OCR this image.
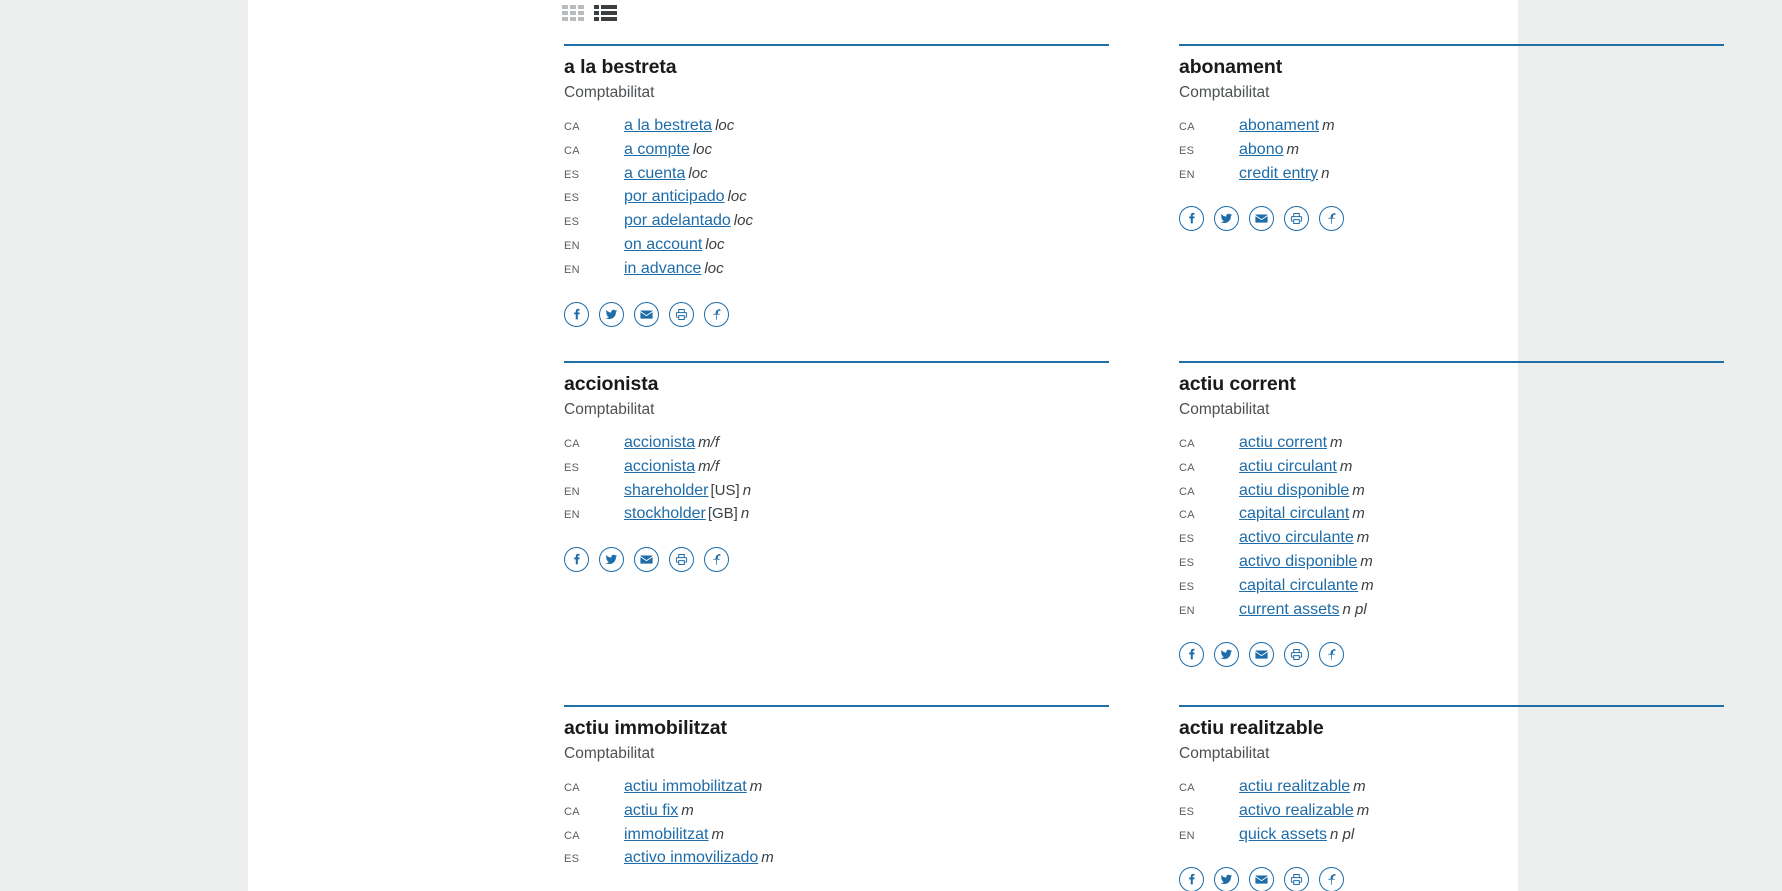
a la bestreta
Comptabilitat
CA	a la bestreta loc
CA	a compte loc
ES	a cuenta loc
ES	por anticipado loc
ES	por adelantado loc
EN	on account loc
EN	in advance loc
abonament
Comptabilitat
CA	abonament m
ES	abono m
EN	credit entry n
accionista
Comptabilitat
CA	accionista m/f
ES	accionista m/f
EN	shareholder [US] n
EN	stockholder [GB] n
actiu corrent
Comptabilitat
CA	actiu corrent m
CA	actiu circulant m
CA	actiu disponible m
CA	capital circulant m
ES	activo circulante m
ES	activo disponible m
ES	capital circulante m
EN	current assets n pl
actiu immobilitzat
Comptabilitat
CA	actiu immobilitzat m
CA	actiu fix m
CA	immobilitzat m
ES	activo inmovilizado m
actiu realitzable
Comptabilitat
CA	actiu realitzable m
ES	activo realizable m
EN	quick assets n pl
